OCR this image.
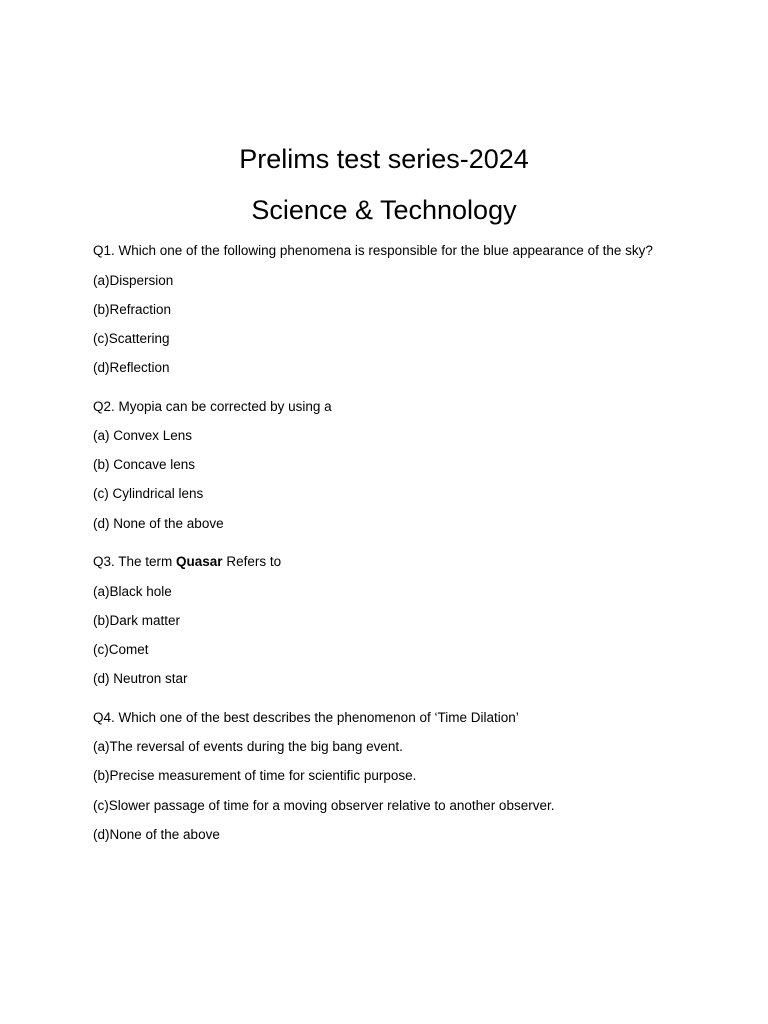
Prelims test series-2024
Science & Technology

Q1. Which one of the following phenomena is responsible for the blue appearance of the sky?

(a)Dispersion

(b)Refraction

(c)Scattering

(d)Reflection

Q2. Myopia can be corrected by using a

(a) Convex Lens

(b) Concave lens

(c) Cylindrical lens

(d) None of the above

Q3. The term Quasar Refers to

(a)Black hole

(b)Dark matter

(c)Comet

(d) Neutron star

Q4. Which one of the best describes the phenomenon of ‘Time Dilation’

(a)The reversal of events during the big bang event.

(b)Precise measurement of time for scientific purpose.

(c)Slower passage of time for a moving observer relative to another observer.

(d)None of the above
